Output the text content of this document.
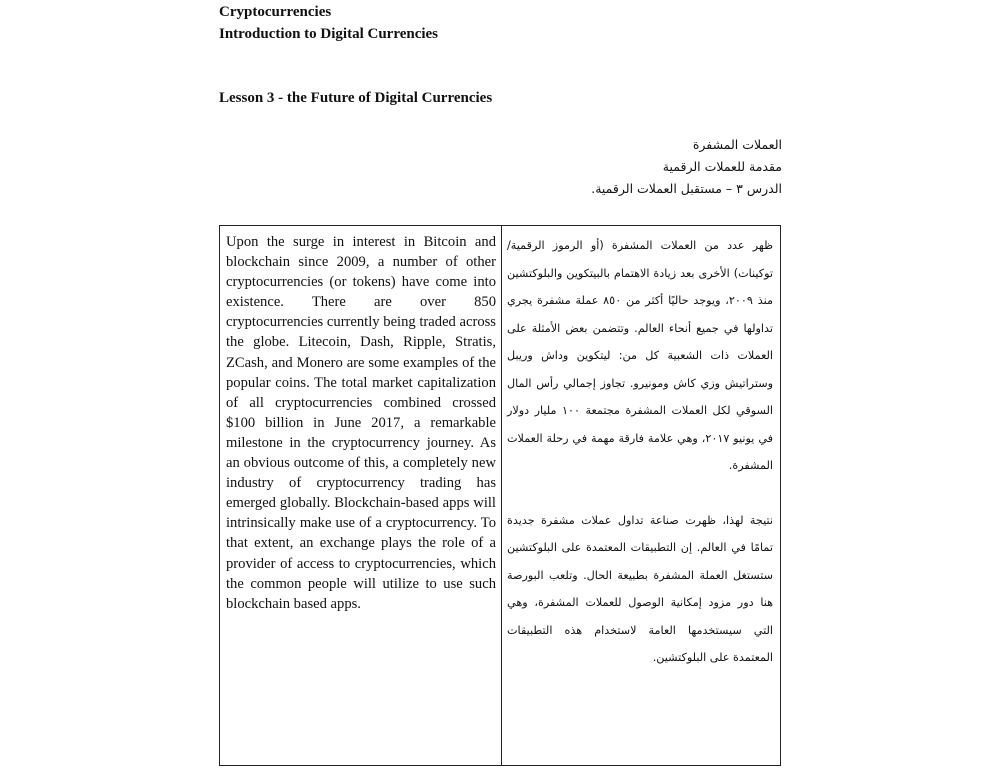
Cryptocurrencies
Introduction to Digital Currencies
Lesson 3 - the Future of Digital Currencies
العملات المشفرة
مقدمة للعملات الرقمية
الدرس ٣ – مستقبل العملات الرقمية.

Upon the surge in interest in Bitcoin and blockchain since 2009, a number of other cryptocurrencies (or tokens) have come into existence. There are over 850 cryptocurrencies currently being traded across the globe. Litecoin, Dash, Ripple, Stratis, ZCash, and Monero are some examples of the popular coins. The total market capitalization of all cryptocurrencies combined crossed $100 billion in June 2017, a remarkable milestone in the cryptocurrency journey. As an obvious outcome of this, a completely new industry of cryptocurrency trading has emerged globally. Blockchain-based apps will intrinsically make use of a cryptocurrency. To that extent, an exchange plays the role of a provider of access to cryptocurrencies, which the common people will utilize to use such blockchain based apps.

ظهر عدد من العملات المشفرة (أو الرموز الرقمية/توكينات) الأخرى بعد زيادة الاهتمام بالبيتكوين والبلوكتشين منذ ٢٠٠٩، ويوجد حاليًا أكثر من ٨٥٠ عملة مشفرة يجري تداولها في جميع أنحاء العالم. وتتضمن بعض الأمثلة على العملات ذات الشعبية كل من: ليتكوين وداش وريبل وستراتيش وزي كاش ومونيرو. تجاوز إجمالي رأس المال السوقي لكل العملات المشفرة مجتمعة ١٠٠ مليار دولار في يونيو ٢٠١٧، وهي علامة فارقة مهمة في رحلة العملات المشفرة.

نتيجة لهذا، ظهرت صناعة تداول عملات مشفرة جديدة تمامًا في العالم. إن التطبيقات المعتمدة على البلوكتشين ستستغل العملة المشفرة بطبيعة الحال. وتلعب البورصة هنا دور مزود إمكانية الوصول للعملات المشفرة، وهي التي سيستخدمها العامة لاستخدام هذه التطبيقات المعتمدة على البلوكتشين.
